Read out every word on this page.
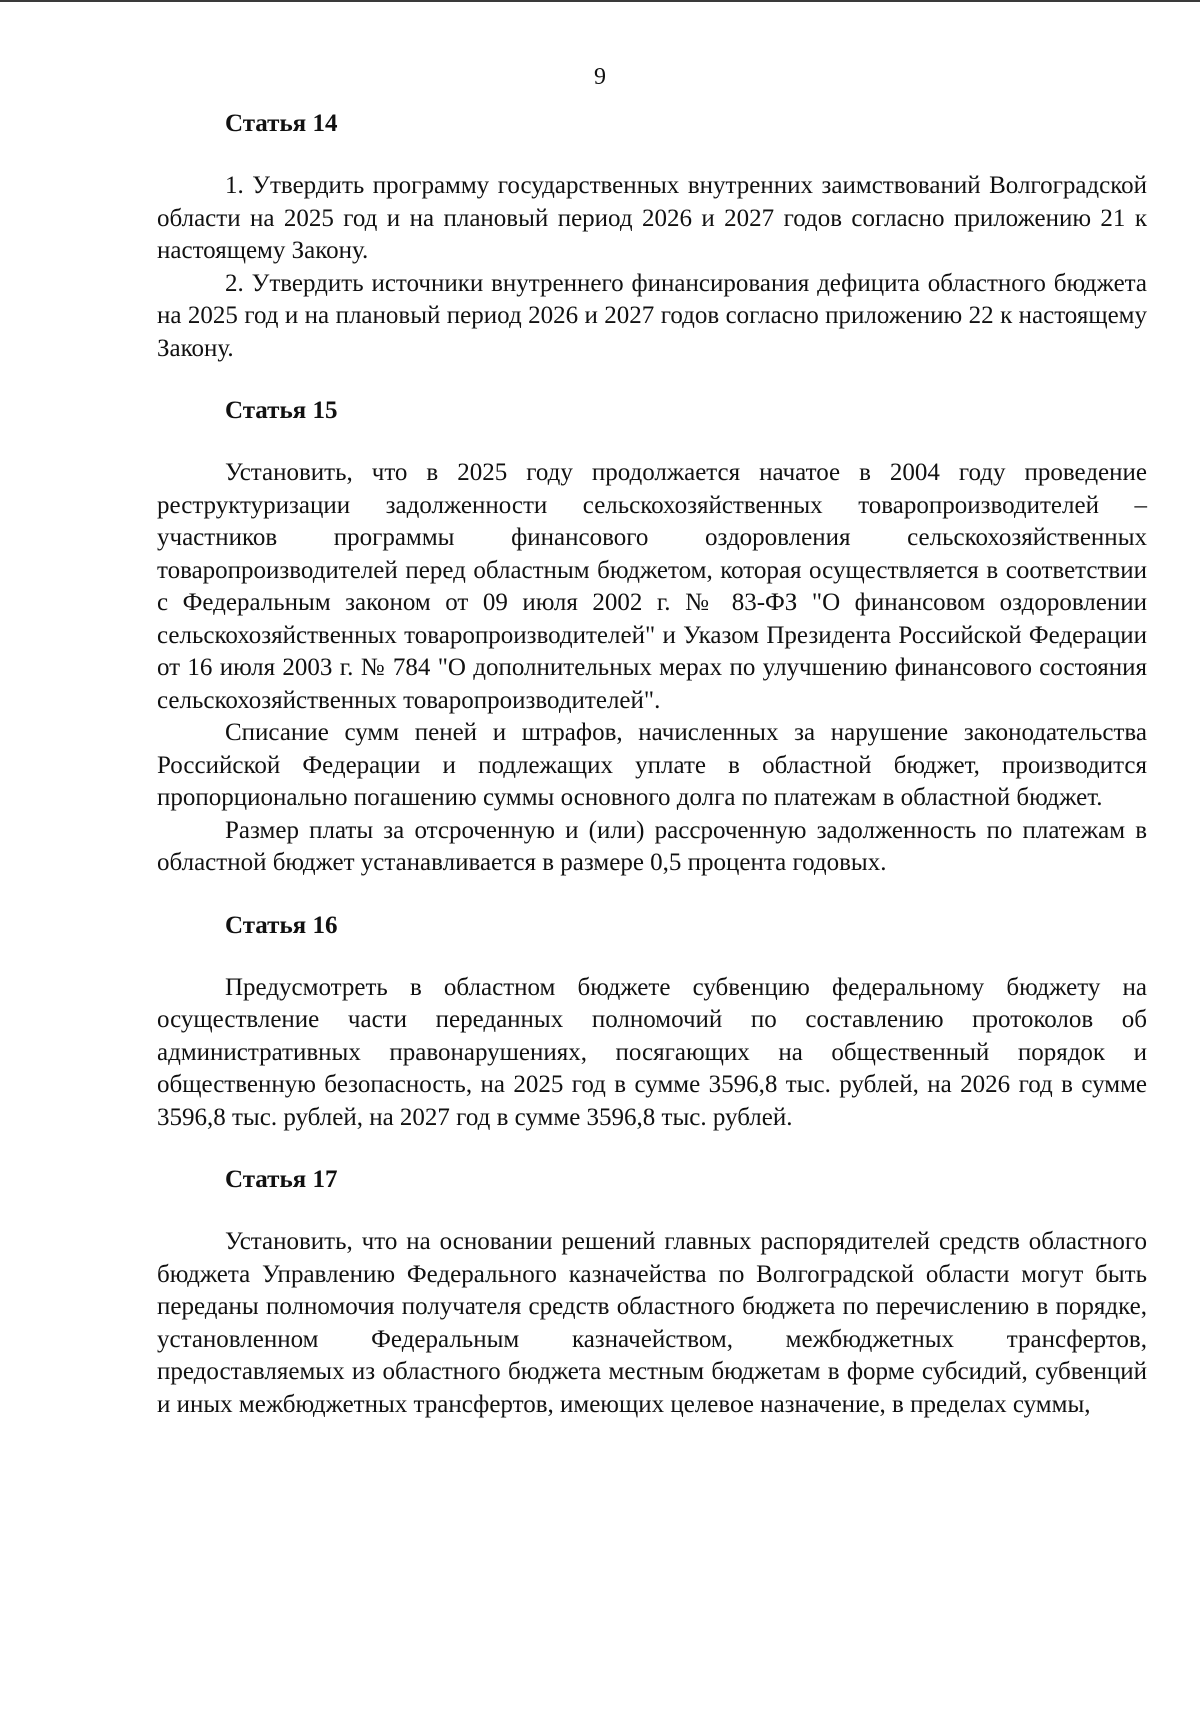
9
Статья 14

1. Утвердить программу государственных внутренних заимствований Волгоградской области на 2025 год и на плановый период 2026 и 2027 годов согласно приложению 21 к настоящему Закону.

2. Утвердить источники внутреннего финансирования дефицита областного бюджета на 2025 год и на плановый период 2026 и 2027 годов согласно приложению 22 к настоящему Закону.

Статья 15

Установить, что в 2025 году продолжается начатое в 2004 году проведение реструктуризации задолженности сельскохозяйственных товаропроизводителей – участников программы финансового оздоровления сельскохозяйственных товаропроизводителей перед областным бюджетом, которая осуществляется в соответствии с Федеральным законом от 09 июля 2002 г. № 83-ФЗ "О финансовом оздоровлении сельскохозяйственных товаропроизводителей" и Указом Президента Российской Федерации от 16 июля 2003 г. № 784 "О дополнительных мерах по улучшению финансового состояния сельскохозяйственных товаропроизводителей".

Списание сумм пеней и штрафов, начисленных за нарушение законодательства Российской Федерации и подлежащих уплате в областной бюджет, производится пропорционально погашению суммы основного долга по платежам в областной бюджет.

Размер платы за отсроченную и (или) рассроченную задолженность по платежам в областной бюджет устанавливается в размере 0,5 процента годовых.

Статья 16

Предусмотреть в областном бюджете субвенцию федеральному бюджету на осуществление части переданных полномочий по составлению протоколов об административных правонарушениях, посягающих на общественный порядок и общественную безопасность, на 2025 год в сумме 3596,8 тыс. рублей, на 2026 год в сумме 3596,8 тыс. рублей, на 2027 год в сумме 3596,8 тыс. рублей.

Статья 17

Установить, что на основании решений главных распорядителей средств областного бюджета Управлению Федерального казначейства по Волгоградской области могут быть переданы полномочия получателя средств областного бюджета по перечислению в порядке, установленном Федеральным казначейством, межбюджетных трансфертов, предоставляемых из областного бюджета местным бюджетам в форме субсидий, субвенций и иных межбюджетных трансфертов, имеющих целевое назначение, в пределах суммы,
